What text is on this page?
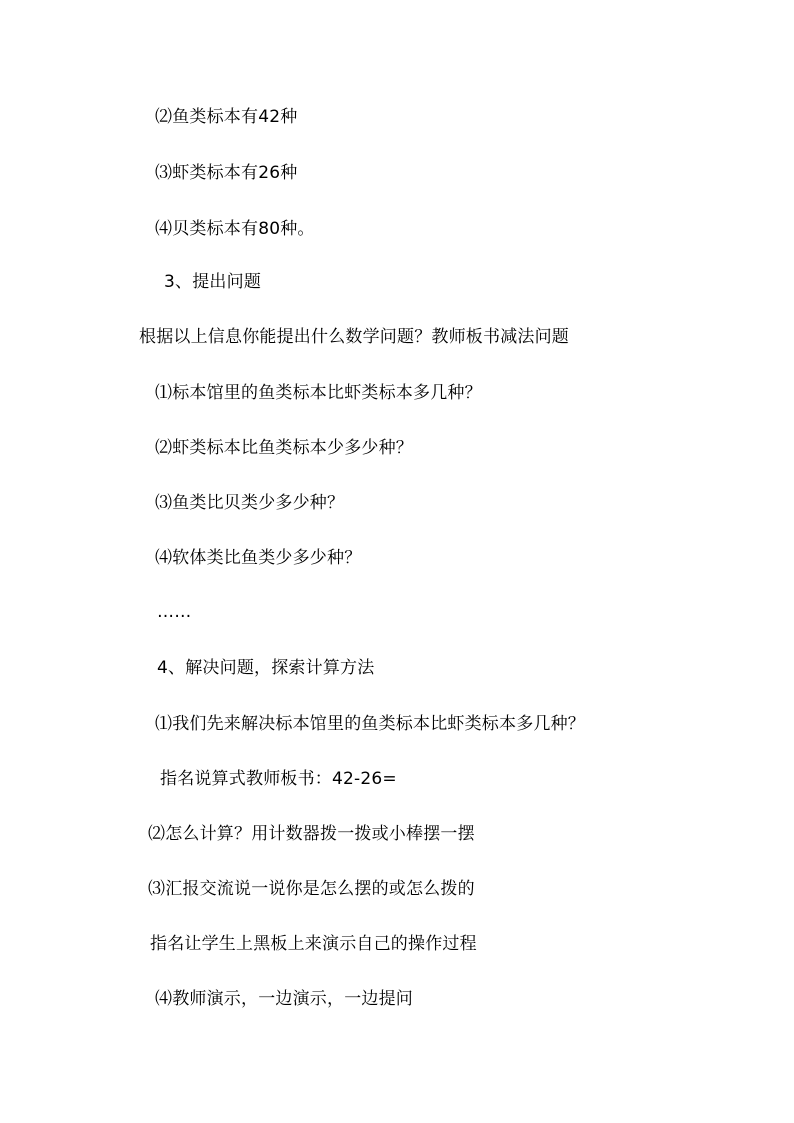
⑵鱼类标本有42种
⑶虾类标本有26种
⑷贝类标本有80种。
3、提出问题
根据以上信息你能提出什么数学问题？教师板书减法问题
⑴标本馆里的鱼类标本比虾类标本多几种？
⑵虾类标本比鱼类标本少多少种？
⑶鱼类比贝类少多少种？
⑷软体类比鱼类少多少种？
……
4、解决问题，探索计算方法
⑴我们先来解决标本馆里的鱼类标本比虾类标本多几种？
指名说算式教师板书：42-26=
⑵怎么计算？用计数器拨一拨或小棒摆一摆
⑶汇报交流说一说你是怎么摆的或怎么拨的
指名让学生上黑板上来演示自己的操作过程
⑷教师演示，一边演示，一边提问
